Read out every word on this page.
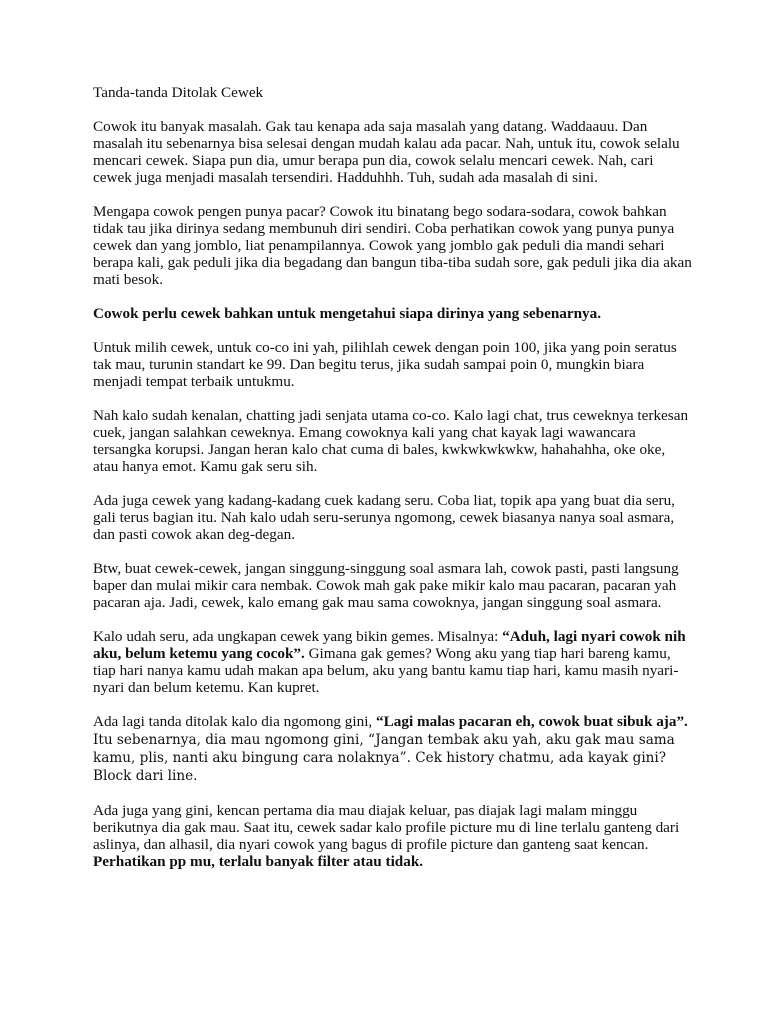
Tanda-tanda Ditolak Cewek

Cowok itu banyak masalah. Gak tau kenapa ada saja masalah yang datang. Waddaauu. Dan masalah itu sebenarnya bisa selesai dengan mudah kalau ada pacar. Nah, untuk itu, cowok selalu mencari cewek. Siapa pun dia, umur berapa pun dia, cowok selalu mencari cewek. Nah, cari cewek juga menjadi masalah tersendiri. Hadduhhh. Tuh, sudah ada masalah di sini.

Mengapa cowok pengen punya pacar? Cowok itu binatang bego sodara-sodara, cowok bahkan tidak tau jika dirinya sedang membunuh diri sendiri. Coba perhatikan cowok yang punya punya cewek dan yang jomblo, liat penampilannya. Cowok yang jomblo gak peduli dia mandi sehari berapa kali, gak peduli jika dia begadang dan bangun tiba-tiba sudah sore, gak peduli jika dia akan mati besok.

Cowok perlu cewek bahkan untuk mengetahui siapa dirinya yang sebenarnya.

Untuk milih cewek, untuk co-co ini yah, pilihlah cewek dengan poin 100, jika yang poin seratus tak mau, turunin standart ke 99. Dan begitu terus, jika sudah sampai poin 0, mungkin biara menjadi tempat terbaik untukmu.

Nah kalo sudah kenalan, chatting jadi senjata utama co-co. Kalo lagi chat, trus ceweknya terkesan cuek, jangan salahkan ceweknya. Emang cowoknya kali yang chat kayak lagi wawancara tersangka korupsi. Jangan heran kalo chat cuma di bales, kwkwkwkwkw, hahahahha, oke oke, atau hanya emot. Kamu gak seru sih.

Ada juga cewek yang kadang-kadang cuek kadang seru. Coba liat, topik apa yang buat dia seru, gali terus bagian itu. Nah kalo udah seru-serunya ngomong, cewek biasanya nanya soal asmara, dan pasti cowok akan deg-degan.

Btw, buat cewek-cewek, jangan singgung-singgung soal asmara lah, cowok pasti, pasti langsung baper dan mulai mikir cara nembak. Cowok mah gak pake mikir kalo mau pacaran, pacaran yah pacaran aja. Jadi, cewek, kalo emang gak mau sama cowoknya, jangan singgung soal asmara.

Kalo udah seru, ada ungkapan cewek yang bikin gemes. Misalnya: “Aduh, lagi nyari cowok nih aku, belum ketemu yang cocok”. Gimana gak gemes? Wong aku yang tiap hari bareng kamu, tiap hari nanya kamu udah makan apa belum, aku yang bantu kamu tiap hari, kamu masih nyari-nyari dan belum ketemu. Kan kupret.

Ada lagi tanda ditolak kalo dia ngomong gini, “Lagi malas pacaran eh, cowok buat sibuk aja”. Itu sebenarnya, dia mau ngomong gini, “Jangan tembak aku yah, aku gak mau sama kamu, plis, nanti aku bingung cara nolaknya”. Cek history chatmu, ada kayak gini? Block dari line.

Ada juga yang gini, kencan pertama dia mau diajak keluar, pas diajak lagi malam minggu berikutnya dia gak mau. Saat itu, cewek sadar kalo profile picture mu di line terlalu ganteng dari aslinya, dan alhasil, dia nyari cowok yang bagus di profile picture dan ganteng saat kencan. Perhatikan pp mu, terlalu banyak filter atau tidak.
